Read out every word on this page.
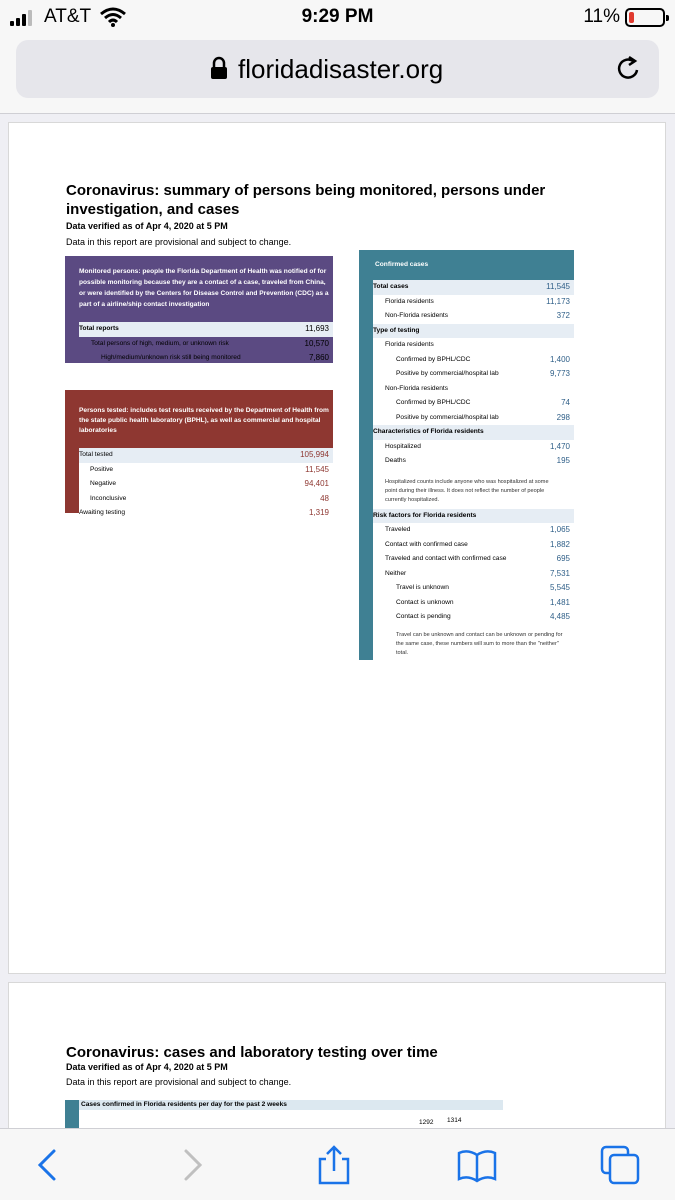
AT&T	9:29 PM	11%
floridadisaster.org
Coronavirus: summary of persons being monitored, persons under investigation, and cases
Data verified as of Apr 4, 2020 at 5 PM
Data in this report are provisional and subject to change.
Monitored persons: people the Florida Department of Health was notified of for possible monitoring because they are a contact of a case, traveled from China, or were identified by the Centers for Disease Control and Prevention (CDC) as a part of a airline/ship contact investigation
Total reports	11,693
Total persons of high, medium, or unknown risk	10,570
High/medium/unknown risk still being monitored	7,860
Persons tested: includes test results received by the Department of Health from the state public health laboratory (BPHL), as well as commercial and hospital laboratories
Total tested	105,994
Positive	11,545
Negative	94,401
Inconclusive	48
Awaiting testing	1,319
Confirmed cases
Total cases	11,545
Florida residents	11,173
Non-Florida residents	372
Type of testing
Florida residents
Confirmed by BPHL/CDC	1,400
Positive by commercial/hospital lab	9,773
Non-Florida residents
Confirmed by BPHL/CDC	74
Positive by commercial/hospital lab	298
Characteristics of Florida residents
Hospitalized	1,470
Deaths	195
Hospitalized counts include anyone who was hospitalized at some point during their illness. It does not reflect the number of people currently hospitalized.
Risk factors for Florida residents
Traveled	1,065
Contact with confirmed case	1,882
Traveled and contact with confirmed case	695
Neither	7,531
Travel is unknown	5,545
Contact is unknown	1,481
Contact is pending	4,485
Travel can be unknown and contact can be unknown or pending for the same case, these numbers will sum to more than the "neither" total.
Coronavirus: cases and laboratory testing over time
Data verified as of Apr 4, 2020 at 5 PM
Data in this report are provisional and subject to change.
Cases confirmed in Florida residents per day for the past 2 weeks
1292 1314
